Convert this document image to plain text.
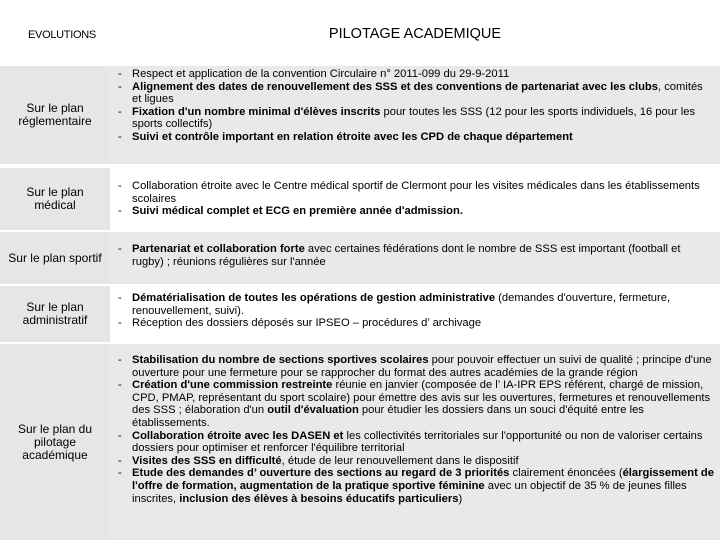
EVOLUTIONS	PILOTAGE ACADEMIQUE
Sur le plan réglementaire
- Respect et application de la convention Circulaire n° 2011-099 du 29-9-2011
- Alignement des dates de renouvellement des SSS et des conventions de partenariat avec les clubs, comités et ligues
- Fixation d'un nombre minimal d'élèves inscrits pour toutes les SSS (12 pour les sports individuels, 16 pour les sports collectifs)
- Suivi et contrôle important en relation étroite avec les CPD de chaque département
Sur le plan médical
- Collaboration étroite avec le Centre médical sportif de Clermont pour les visites médicales dans les établissements scolaires
- Suivi médical complet et ECG en première année d'admission.
Sur le plan sportif
- Partenariat et collaboration forte avec certaines fédérations dont le nombre de SSS est important (football et rugby) ; réunions régulières sur l'année
Sur le plan administratif
- Dématérialisation de toutes les opérations de gestion administrative (demandes d'ouverture, fermeture, renouvellement, suivi).
- Réception des dossiers déposés sur IPSEO – procédures d’ archivage
Sur le plan du pilotage académique
- Stabilisation du nombre de sections sportives scolaires pour pouvoir effectuer un suivi de qualité ; principe d'une ouverture pour une fermeture pour se rapprocher du format des autres académies de la grande région
- Création d'une commission restreinte réunie en janvier (composée de l’ IA-IPR EPS référent, chargé de mission, CPD, PMAP, représentant du sport scolaire) pour émettre des avis sur les ouvertures, fermetures et renouvellements des SSS ; élaboration d'un outil d'évaluation pour étudier les dossiers dans un souci d'équité entre les établissements.
- Collaboration étroite avec les DASEN et les collectivités territoriales sur l'opportunité ou non de valoriser certains dossiers pour optimiser et renforcer l'équilibre territorial
- Visites des SSS en difficulté, étude de leur renouvellement dans le dispositif
- Etude des demandes d’ ouverture des sections au regard de 3 priorités clairement énoncées (élargissement de l'offre de formation, augmentation de la pratique sportive féminine avec un objectif de 35 % de jeunes filles inscrites, inclusion des élèves à besoins éducatifs particuliers)
